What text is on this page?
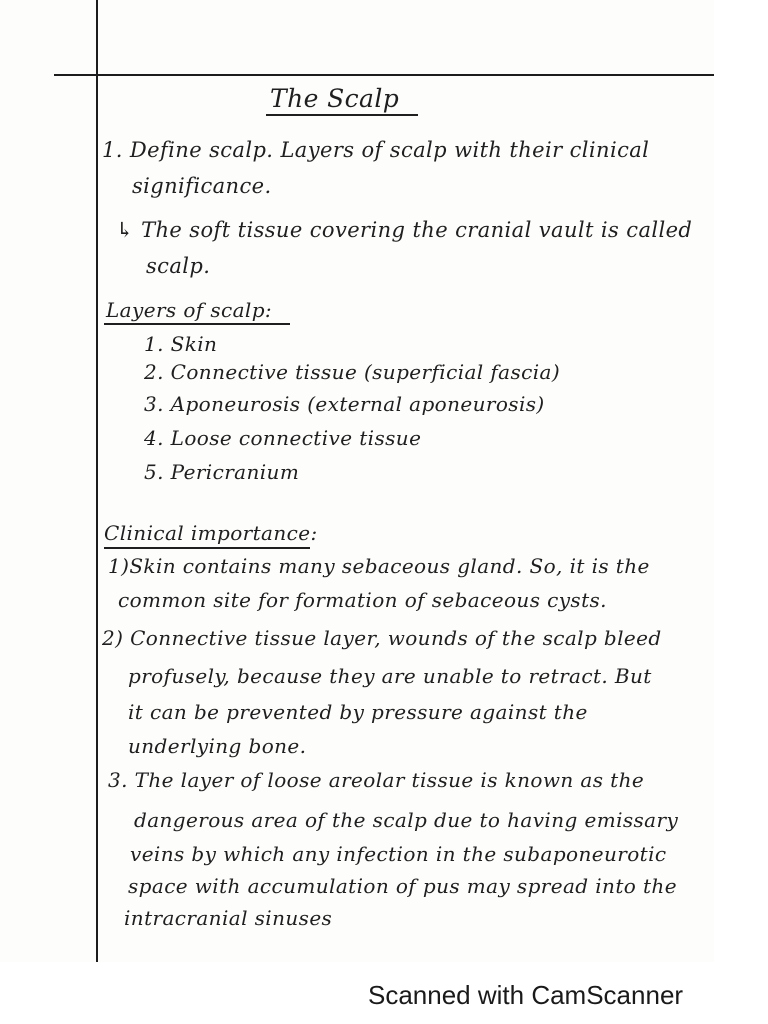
The Scalp
1. Define scalp. Layers of scalp with their clinical
significance.
↳ The soft tissue covering the cranial vault is called
scalp.
Layers of scalp:
1. Skin
2. Connective tissue (superficial fascia)
3. Aponeurosis (external aponeurosis)
4. Loose connective tissue
5. Pericranium
Clinical importance:
1)Skin contains many sebaceous gland. So, it is the
common site for formation of sebaceous cysts.
2) Connective tissue layer, wounds of the scalp bleed
profusely, because they are unable to retract. But
it can be prevented by pressure against the
underlying bone.
3. The layer of loose areolar tissue is known as the
dangerous area of the scalp due to having emissary
veins by which any infection in the subaponeurotic
space with accumulation of pus may spread into the
intracranial sinuses
Scanned with CamScanner
